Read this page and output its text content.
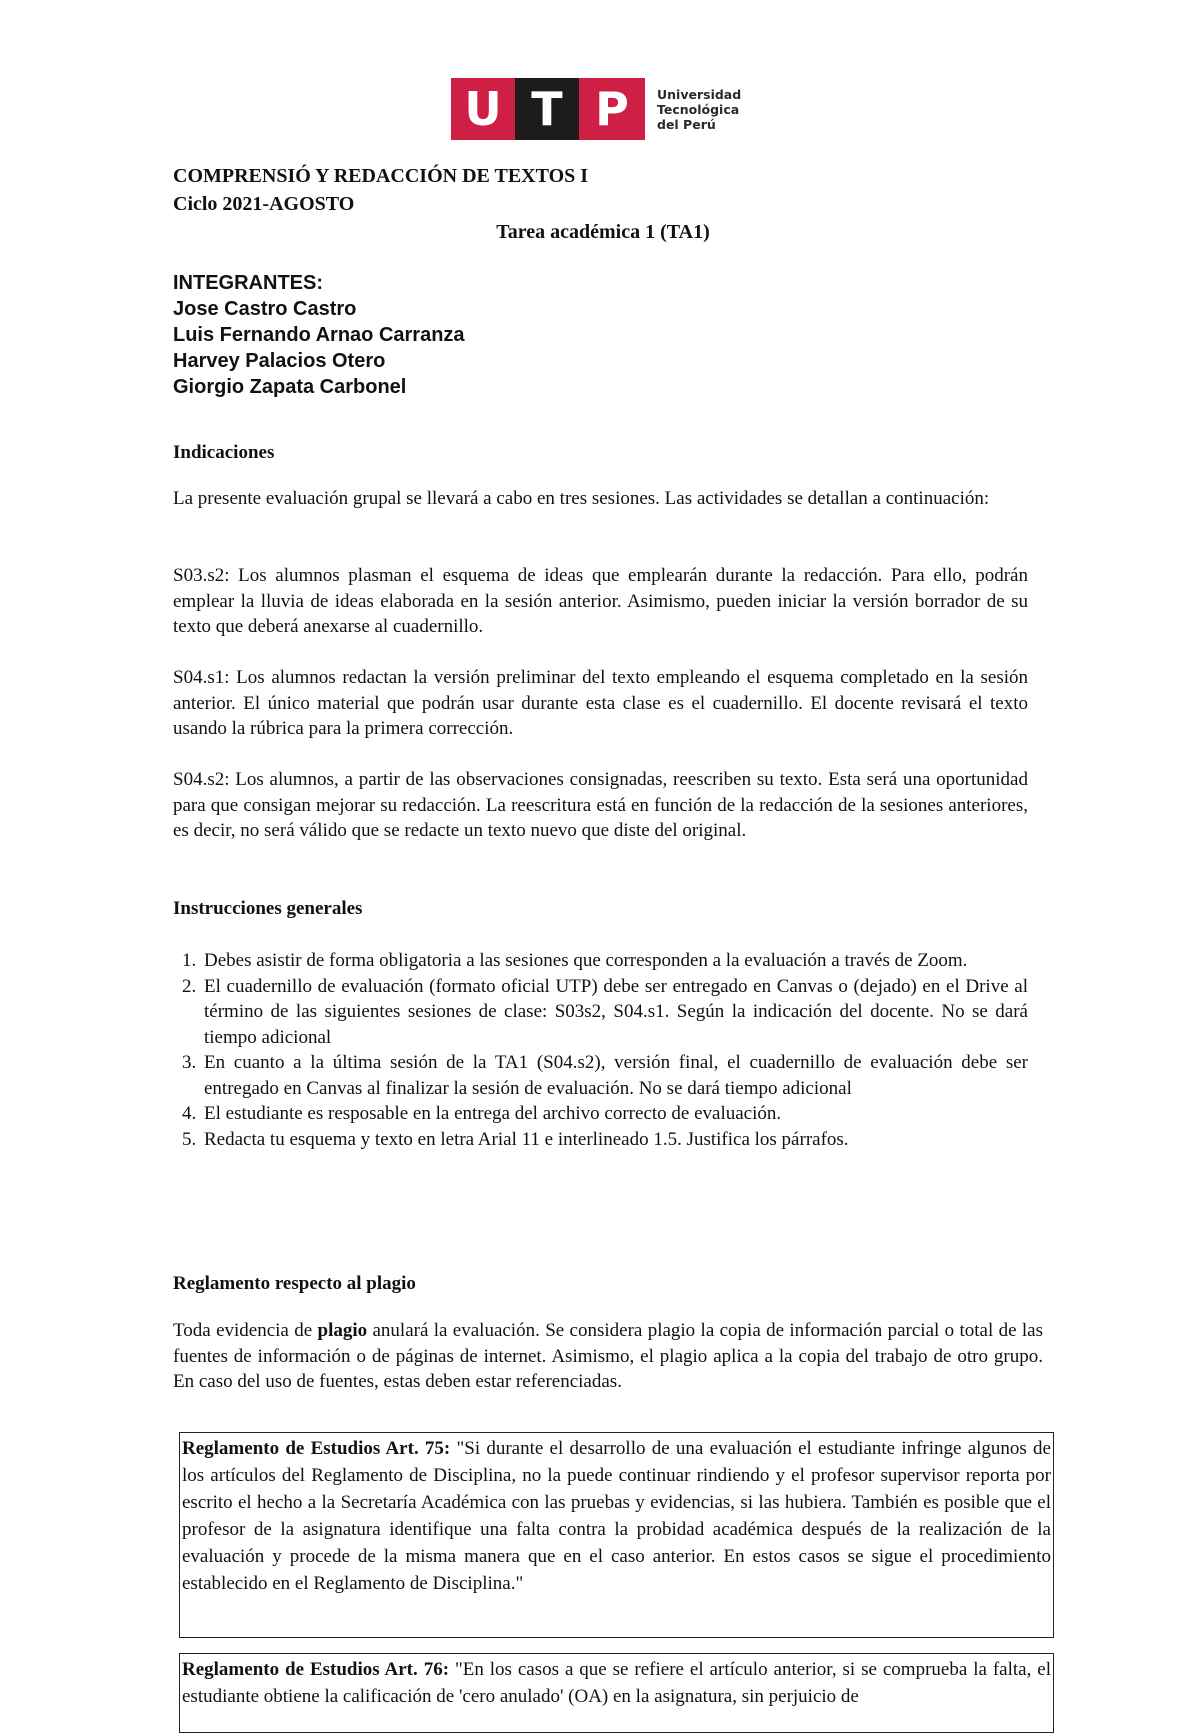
U T P	Universidad
Tecnológica
del Perú
COMPRENSIÓ Y REDACCIÓN DE TEXTOS I
Ciclo 2021-AGOSTO
Tarea académica 1 (TA1)
INTEGRANTES:
Jose Castro Castro
Luis Fernando Arnao Carranza
Harvey Palacios Otero
Giorgio Zapata Carbonel
Indicaciones
La presente evaluación grupal se llevará a cabo en tres sesiones. Las actividades se detallan a continuación:
S03.s2: Los alumnos plasman el esquema de ideas que emplearán durante la redacción. Para ello, podrán emplear la lluvia de ideas elaborada en la sesión anterior. Asimismo, pueden iniciar la versión borrador de su texto que deberá anexarse al cuadernillo.
S04.s1: Los alumnos redactan la versión preliminar del texto empleando el esquema completado en la sesión anterior. El único material que podrán usar durante esta clase es el cuadernillo. El docente revisará el texto usando la rúbrica para la primera corrección.
S04.s2: Los alumnos, a partir de las observaciones consignadas, reescriben su texto. Esta será una oportunidad para que consigan mejorar su redacción. La reescritura está en función de la redacción de la sesiones anteriores, es decir, no será válido que se redacte un texto nuevo que diste del original.
Instrucciones generales
1. Debes asistir de forma obligatoria a las sesiones que corresponden a la evaluación a través de Zoom.
2. El cuadernillo de evaluación (formato oficial UTP) debe ser entregado en Canvas o (dejado) en el Drive al término de las siguientes sesiones de clase: S03s2, S04.s1. Según la indicación del docente. No se dará tiempo adicional
3. En cuanto a la última sesión de la TA1 (S04.s2), versión final, el cuadernillo de evaluación debe ser entregado en Canvas al finalizar la sesión de evaluación. No se dará tiempo adicional
4. El estudiante es resposable en la entrega del archivo correcto de evaluación.
5. Redacta tu esquema y texto en letra Arial 11 e interlineado 1.5. Justifica los párrafos.
Reglamento respecto al plagio
Toda evidencia de plagio anulará la evaluación. Se considera plagio la copia de información parcial o total de las fuentes de información o de páginas de internet. Asimismo, el plagio aplica a la copia del trabajo de otro grupo. En caso del uso de fuentes, estas deben estar referenciadas.
Reglamento de Estudios Art. 75: "Si durante el desarrollo de una evaluación el estudiante infringe algunos de los artículos del Reglamento de Disciplina, no la puede continuar rindiendo y el profesor supervisor reporta por escrito el hecho a la Secretaría Académica con las pruebas y evidencias, si las hubiera. También es posible que el profesor de la asignatura identifique una falta contra la probidad académica después de la realización de la evaluación y procede de la misma manera que en el caso anterior. En estos casos se sigue el procedimiento establecido en el Reglamento de Disciplina."
Reglamento de Estudios Art. 76: "En los casos a que se refiere el artículo anterior, si se comprueba la falta, el estudiante obtiene la calificación de 'cero anulado' (OA) en la asignatura, sin perjuicio de
